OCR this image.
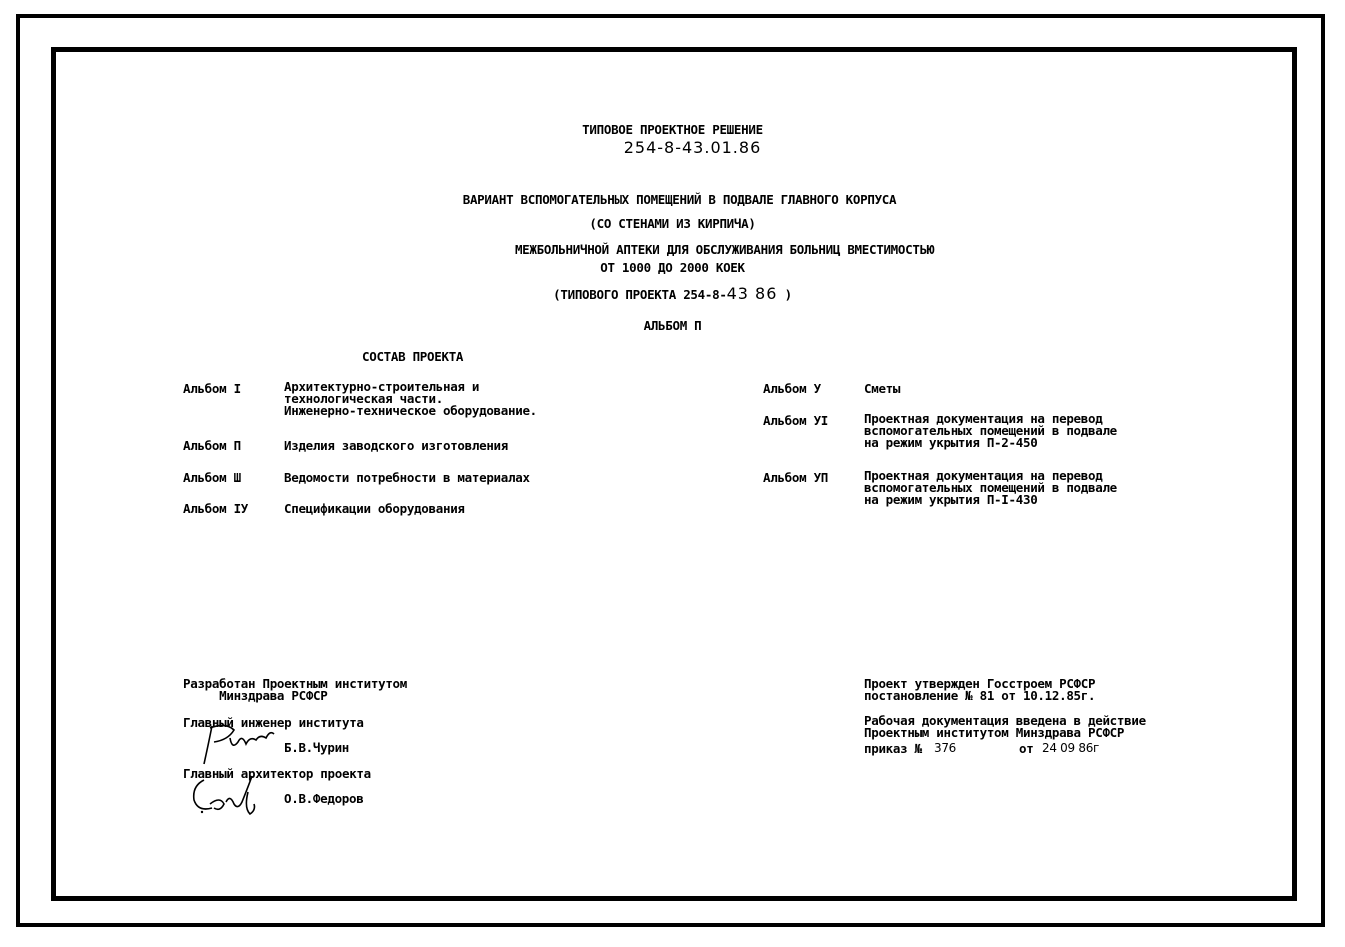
ТИПОВОЕ ПРОЕКТНОЕ РЕШЕНИЕ
254-8-43.01.86
ВАРИАНТ ВСПОМОГАТЕЛЬНЫХ ПОМЕЩЕНИЙ В ПОДВАЛЕ ГЛАВНОГО КОРПУСА
(СО СТЕНАМИ ИЗ КИРПИЧА)
МЕЖБОЛЬНИЧНОЙ АПТЕКИ ДЛЯ ОБСЛУЖИВАНИЯ БОЛЬНИЦ ВМЕСТИМОСТЬЮ
ОТ 1000 ДО 2000 КОЕК
(ТИПОВОГО ПРОЕКТА 254-8-43 86 )
АЛЬБОМ П
СОСТАВ ПРОЕКТА
Альбом I	Архитектурно-строительная и
технологическая части.
Инженерно-техническое оборудование.
Альбом П	Изделия заводского изготовления
Альбом Ш	Ведомости потребности в материалах
Альбом IУ	Спецификации оборудования
Альбом У	Сметы
Альбом УI	Проектная документация на перевод
вспомогательных помещений в подвале
на режим укрытия П-2-450
Альбом УП	Проектная документация на перевод
вспомогательных помещений в подвале
на режим укрытия П-I-430
Разработан Проектным институтом
Минздрава РСФСР
Главный инженер института
Б.В.Чурин
Главный архитектор проекта
О.В.Федоров
Проект утвержден Госстроем РСФСР
постановление № 81 от 10.12.85г.
Рабочая документация введена в действие
Проектным институтом Минздрава РСФСР
приказ № 376	от 24 09 86г
